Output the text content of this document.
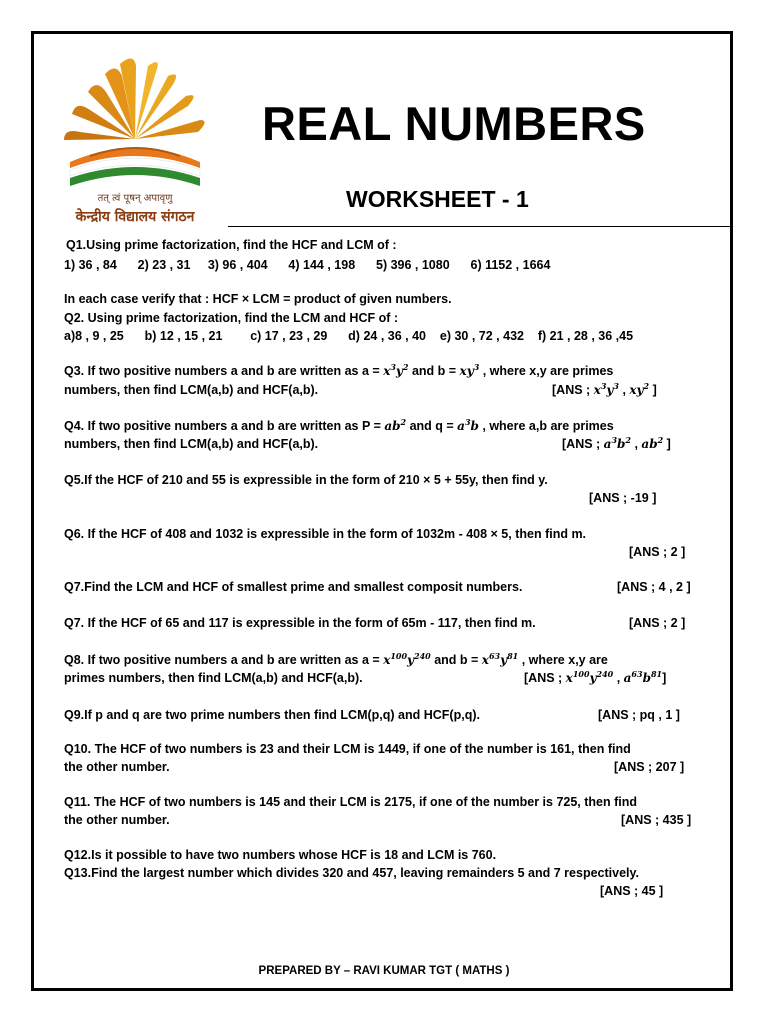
तत् त्वं पूषन् अपावृणु
केन्द्रीय विद्यालय संगठन
REAL NUMBERS
WORKSHEET - 1
Q1.Using prime factorization, find the HCF and LCM of :
1) 36 , 84      2) 23 , 31     3) 96 , 404      4) 144 , 198      5) 396 , 1080      6) 1152 , 1664
In each case verify that : HCF × LCM = product of given numbers.
Q2. Using prime factorization, find the LCM and HCF of :
a)8 , 9 , 25      b) 12 , 15 , 21        c) 17 , 23 , 29      d) 24 , 36 , 40    e) 30 , 72 , 432    f) 21 , 28 , 36 ,45
Q3. If two positive numbers a and b are written as $a = x^3y^2$ and $b = xy^3$ , where x,y are primes
numbers, then find LCM(a,b) and HCF(a,b).	[ANS ; $x^3y^3$ , $xy^2$ ]
Q4. If two positive numbers a and b are written as $P = ab^2$ and $q = a^3b$ , where a,b are primes
numbers, then find LCM(a,b) and HCF(a,b).	[ANS ; $a^3b^2$ , $ab^2$ ]
Q5.If the HCF of 210 and 55 is expressible in the form of 210 × 5 + 55y, then find y.
[ANS ; -19 ]
Q6. If the HCF of 408 and 1032 is expressible in the form of 1032m - 408 × 5, then find m.
[ANS ; 2 ]
Q7.Find the LCM and HCF of smallest prime and smallest composit numbers.	[ANS ; 4 , 2 ]
Q7. If the HCF of 65 and 117 is expressible in the form of 65m - 117, then find m.	[ANS ; 2 ]
Q8. If two positive numbers a and b are written as $a = x^{100}y^{240}$ and $b = x^{63}y^{81}$ , where x,y are
primes numbers, then find LCM(a,b) and HCF(a,b).	[ANS ; $x^{100}y^{240}$ , $a^{63}b^{81}$]
Q9.If p and q are two prime numbers then find LCM(p,q) and HCF(p,q).	[ANS ; pq , 1 ]
Q10. The HCF of two numbers is 23 and their LCM is 1449, if one of the number is 161, then find
the other number.	[ANS ; 207 ]
Q11. The HCF of two numbers is 145 and their LCM is 2175, if one of the number is 725, then find
the other number.	[ANS ; 435 ]
Q12.Is it possible to have two numbers whose HCF is 18 and LCM is 760.
Q13.Find the largest number which divides 320 and 457, leaving remainders 5 and 7 respectively.
[ANS ; 45 ]
PREPARED BY – RAVI KUMAR TGT ( MATHS )
